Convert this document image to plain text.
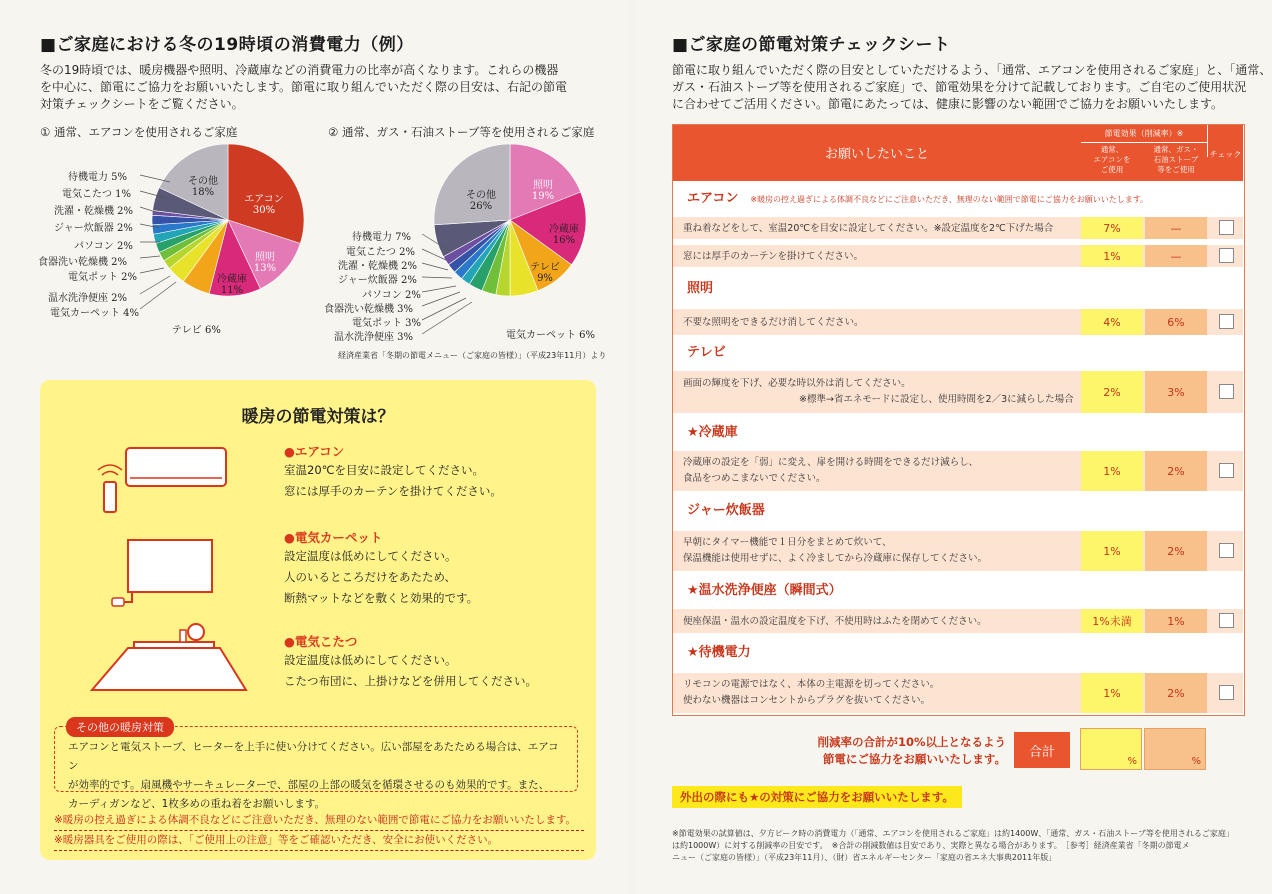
■ご家庭における冬の19時頃の消費電力（例）
冬の19時頃では、暖房機器や照明、冷蔵庫などの消費電力の比率が高くなります。これらの機器
を中心に、節電にご協力をお願いいたします。節電に取り組んでいただく際の目安は、右記の節電
対策チェックシートをご覧ください。
① 通常、エアコンを使用されるご家庭	② 通常、ガス・石油ストーブ等を使用されるご家庭
その他
18%
エアコン
30%
照明
13%
冷蔵庫
11%
待機電力 5%
電気こたつ 1%
洗濯・乾燥機 2%
ジャー炊飯器 2%
パソコン 2%
食器洗い乾燥機 2%
電気ポット 2%
温水洗浄便座 2%
電気カーペット 4%
テレビ 6%
その他
26%
照明
19%
冷蔵庫
16%
テレビ
9%
待機電力 7%
電気こたつ 2%
洗濯・乾燥機 2%
ジャー炊飯器 2%
パソコン 2%
食器洗い乾燥機 3%
電気ポット 3%
温水洗浄便座 3%	電気カーペット 6%
経済産業省「冬期の節電メニュー（ご家庭の皆様）」（平成23年11月）より
暖房の節電対策は？
●エアコン
室温20℃を目安に設定してください。
窓には厚手のカーテンを掛けてください。
●電気カーペット
設定温度は低めにしてください。
人のいるところだけをあたため、
断熱マットなどを敷くと効果的です。
●電気こたつ
設定温度は低めにしてください。
こたつ布団に、上掛けなどを併用してください。
その他の暖房対策
エアコンと電気ストーブ、ヒーターを上手に使い分けてください。広い部屋をあたためる場合は、エアコン
が効率的です。扇風機やサーキュレーターで、部屋の上部の暖気を循環させるのも効果的です。また、
カーディガンなど、1枚多めの重ね着をお願いします。
※暖房の控え過ぎによる体調不良などにご注意いただき、無理のない範囲で節電にご協力をお願いいたします。
※暖房器具をご使用の際は、「ご使用上の注意」等をご確認いただき、安全にお使いください。
■ご家庭の節電対策チェックシート
節電に取り組んでいただく際の目安としていただけるよう、「通常、エアコンを使用されるご家庭」と、「通常、
ガス・石油ストーブ等を使用されるご家庭」で、節電効果を分けて記載しております。ご自宅のご使用状況
に合わせてご活用ください。節電にあたっては、健康に影響のない範囲でご協力をお願いいたします。
お願いしたいこと
節電効果（削減率）※
通常、
エアコンを
ご使用
通常、ガス・
石油ストーブ
等をご使用
チェック
エアコン ※暖房の控え過ぎによる体調不良などにご注意いただき、無理のない範囲で節電にご協力をお願いいたします。
重ね着などをして、室温20℃を目安に設定してください。※設定温度を2℃下げた場合	7%	—
窓には厚手のカーテンを掛けてください。	1%	—
照明
不要な照明をできるだけ消してください。	4%	6%
テレビ
画面の輝度を下げ、必要な時以外は消してください。
※標準→省エネモードに設定し、使用時間を2／3に減らした場合
2%	3%
★冷蔵庫
冷蔵庫の設定を「弱」に変え、扉を開ける時間をできるだけ減らし、
食品をつめこまないでください。
1%	2%
ジャー炊飯器
早朝にタイマー機能で１日分をまとめて炊いて、
保温機能は使用せずに、よく冷ましてから冷蔵庫に保存してください。
1%	2%
★温水洗浄便座（瞬間式）
便座保温・温水の設定温度を下げ、不使用時はふたを閉めてください。	1%未満	1%
★待機電力
リモコンの電源ではなく、本体の主電源を切ってください。
使わない機器はコンセントからプラグを抜いてください。
1%	2%
削減率の合計が10%以上となるよう
節電にご協力をお願いいたします。	合計
%	%
外出の際にも★の対策にご協力をお願いいたします。
※節電効果の試算値は、夕方ピーク時の消費電力（「通常、エアコンを使用されるご家庭」は約1400W、「通常、ガス・石油ストーブ等を使用されるご家庭」
は約1000W）に対する削減率の目安です。　※合計の削減数値は目安であり、実際と異なる場合があります。　［参考］経済産業省「冬期の節電メ
ニュー（ご家庭の皆様）」（平成23年11月）、（財）省エネルギーセンター「家庭の省エネ大事典2011年版」
